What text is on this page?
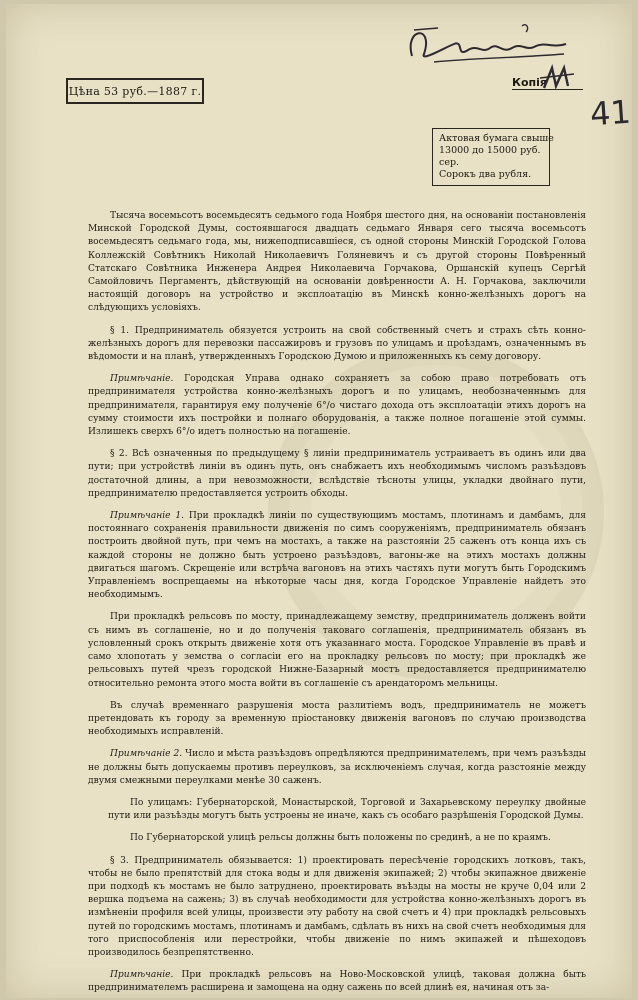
Цѣна 53 руб.—1887 г.
Копія
41
Актовая бумага свыше
13000 до 15000 руб.
сер.
Сорокъ два рубля.

Тысяча восемьсотъ восемьдесятъ седьмого года Ноября шестого дня, на основаніи постановленія Минской Городской Думы, состоявшагося двадцать седьмаго Января сего тысяча восемьсотъ восемьдесятъ седьмаго года, мы, нижеподписавшіеся, съ одной стороны Минскій Городской Голова Коллежскій Совѣтникъ Николай Николаевичъ Голяневичъ и съ другой стороны Повѣренный Статскаго Совѣтника Инженера Андрея Николаевича Горчакова, Оршанскій купецъ Сергѣй Самойловичъ Пергаментъ, дѣйствующій на основаніи довѣренности А. Н. Горчакова, заключили настоящій договоръ на устройство и эксплоатацію въ Минскѣ конно-желѣзныхъ дорогъ на слѣдующихъ условіяхъ.

§ 1. Предприниматель обязуется устроить на свой собственный счетъ и страхъ сѣть конно-желѣзныхъ дорогъ для перевозки пассажировъ и грузовъ по улицамъ и проѣздамъ, означеннымъ въ вѣдомости и на планѣ, утвержденныхъ Городскою Думою и приложенныхъ къ сему договору.

Примѣчаніе. Городская Управа однако сохраняетъ за собою право потребовать отъ предпринимателя устройства конно-желѣзныхъ дорогъ и по улицамъ, необозначеннымъ для предпринимателя, гарантируя ему полученіе 6°/о чистаго дохода отъ эксплоатаціи этихъ дорогъ на сумму стоимости ихъ постройки и полнаго оборудованія, а также полное погашеніе этой суммы. Излишекъ сверхъ 6°/о идетъ полностью на погашеніе.

§ 2. Всѣ означенныя по предыдущему § линіи предприниматель устраиваетъ въ одинъ или два пути; при устройствѣ линіи въ одинъ путь, онъ снабжаетъ ихъ необходимымъ числомъ разъѣздовъ достаточной длины, а при невозможности, вслѣдствіе тѣсноты улицы, укладки двойнаго пути, предпринимателю предоставляется устроить обходы.

Примѣчаніе 1. При прокладкѣ линіи по существующимъ мостамъ, плотинамъ и дамбамъ, для постояннаго сохраненія правильности движенія по симъ сооруженіямъ, предприниматель обязанъ построить двойной путь, при чемъ на мостахъ, а также на разстояніи 25 саженъ отъ конца ихъ съ каждой стороны не должно быть устроено разъѣздовъ, вагоны-же на этихъ мостахъ должны двигаться шагомъ. Скрещеніе или встрѣча вагоновъ на этихъ частяхъ пути могутъ быть Городскимъ Управленіемъ воспрещаемы на нѣкоторые часы дня, когда Городское Управленіе найдетъ это необходимымъ.

При прокладкѣ рельсовъ по мосту, принадлежащему земству, предприниматель долженъ войти съ нимъ въ соглашеніе, но и до полученія таковаго соглашенія, предприниматель обязанъ въ условленный срокъ открыть движеніе хотя отъ указаннаго моста. Городское Управленіе въ правѣ и само хлопотать у земства о согласіи его на прокладку рельсовъ по мосту; при прокладкѣ же рельсовыхъ путей чрезъ городской Нижне-Базарный мостъ предоставляется предпринимателю относительно ремонта этого моста войти въ соглашеніе съ арендаторомъ мельницы.

Въ случаѣ временнаго разрушенія моста разлитіемъ водъ, предприниматель не можетъ претендовать къ городу за временную пріостановку движенія вагоновъ по случаю производства необходимыхъ исправленій.

Примѣчаніе 2. Число и мѣста разъѣздовъ опредѣляются предпринимателемъ, при чемъ разъѣзды не должны быть допускаемы противъ переулковъ, за исключеніемъ случая, когда разстояніе между двумя смежными переулками менѣе 30 саженъ.

По улицамъ: Губернаторской, Монастырской, Торговой и Захарьевскому переулку двойные пути или разъѣзды могутъ быть устроены не иначе, какъ съ особаго разрѣшенія Городской Думы.

По Губернаторской улицѣ рельсы должны быть положены по срединѣ, а не по краямъ.

§ 3. Предприниматель обязывается: 1) проектировать пересѣченіе городскихъ лотковъ, такъ, чтобы не было препятствій для стока воды и для движенія экипажей; 2) чтобы экипажное движеніе при подходѣ къ мостамъ не было затруднено, проектировать въѣзды на мосты не круче 0,04 или 2 вершка подъема на сажень; 3) въ случаѣ необходимости для устройства конно-желѣзныхъ дорогъ въ измѣненіи профиля всей улицы, произвести эту работу на свой счетъ и 4) при прокладкѣ рельсовыхъ путей по городскимъ мостамъ, плотинамъ и дамбамъ, сдѣлать въ нихъ на свой счетъ необходимыя для того приспособленія или перестройки, чтобы движеніе по нимъ экипажей и пѣшеходовъ производилось безпрепятственно.

Примѣчаніе. При прокладкѣ рельсовъ на Ново-Московской улицѣ, таковая должна быть предпринимателемъ расширена и замощена на одну сажень по всей длинѣ ея, начиная отъ за-
